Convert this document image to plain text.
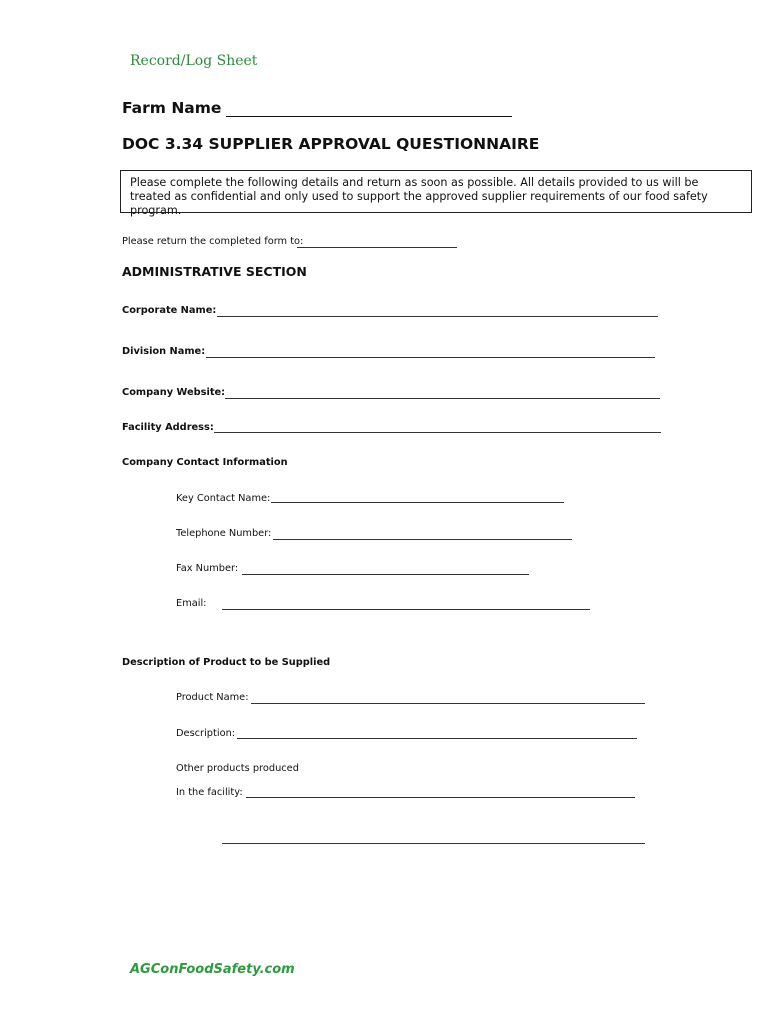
Record/Log Sheet
Farm Name
DOC 3.34 SUPPLIER APPROVAL QUESTIONNAIRE
Please complete the following details and return as soon as possible. All details provided to us will be treated as confidential and only used to support the approved supplier requirements of our food safety program.
Please return the completed form to:
ADMINISTRATIVE SECTION
Corporate Name:
Division Name:
Company Website:
Facility Address:
Company Contact Information
Key Contact Name:
Telephone Number:
Fax Number:
Email:
Description of Product to be Supplied
Product Name:
Description:
Other products produced
In the facility:
AGConFoodSafety.com
